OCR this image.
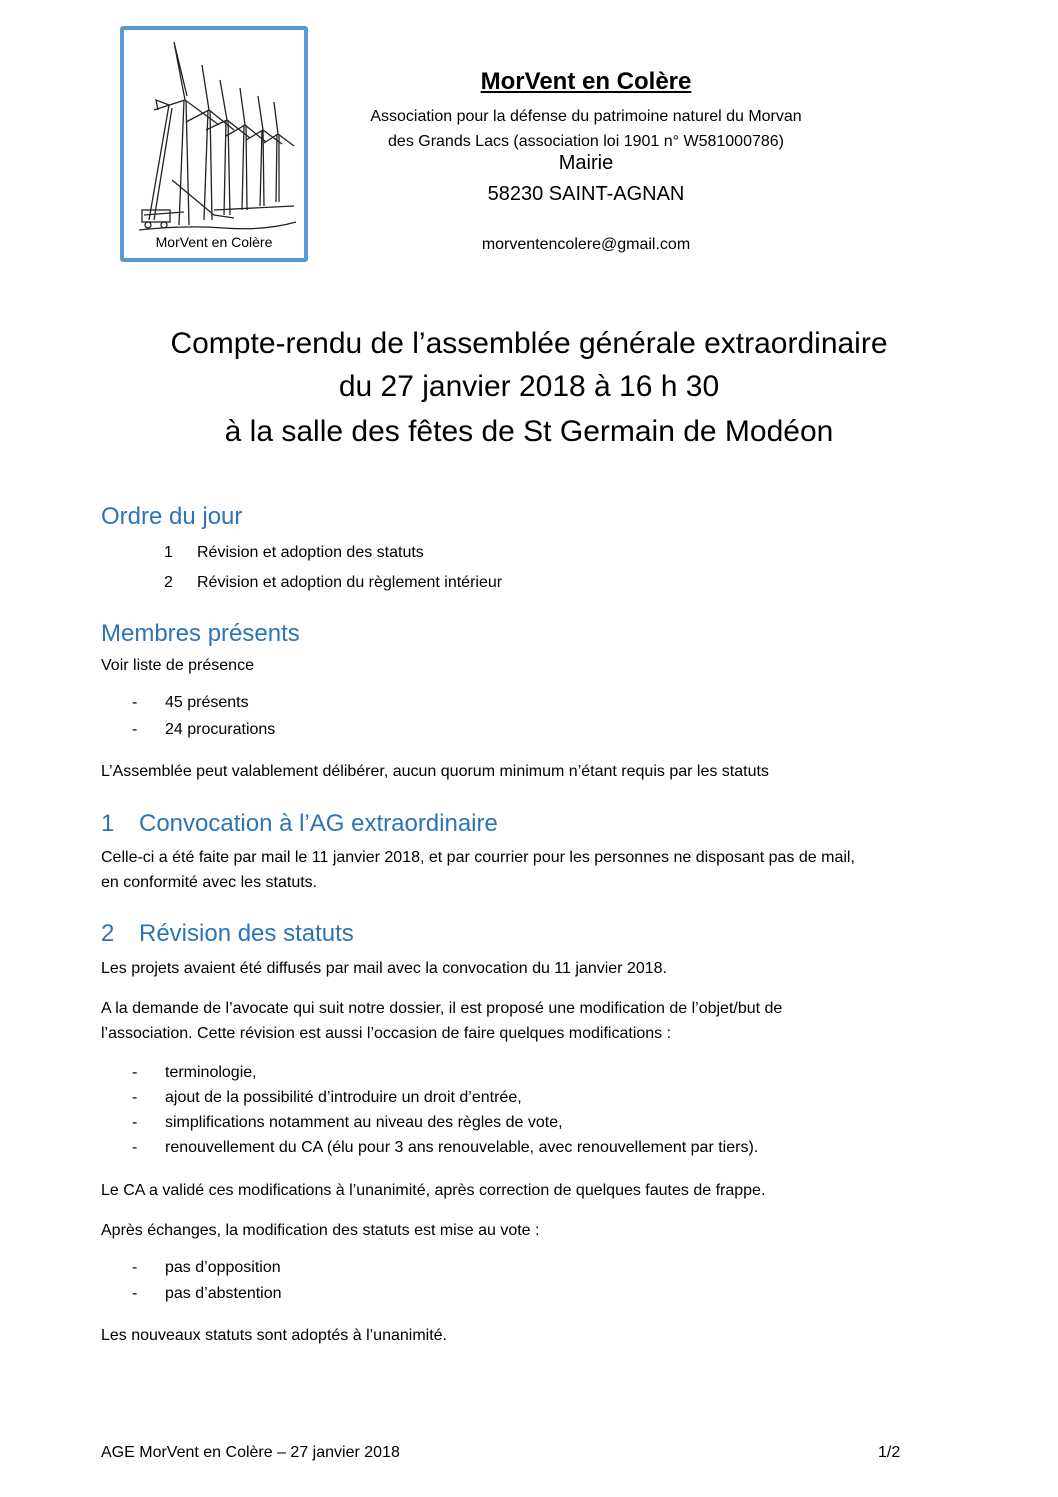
MorVent en Colère
MorVent en Colère
Association pour la défense du patrimoine naturel du Morvan
des Grands Lacs (association loi 1901 n° W581000786)
Mairie
58230 SAINT-AGNAN
morventencolere@gmail.com
Compte-rendu de l’assemblée générale extraordinaire
du 27 janvier 2018 à 16 h 30
à la salle des fêtes de St Germain de Modéon
Ordre du jour
1 Révision et adoption des statuts
2 Révision et adoption du règlement intérieur
Membres présents
Voir liste de présence
- 45 présents
- 24 procurations
L’Assemblée peut valablement délibérer, aucun quorum minimum n’étant requis par les statuts
1 Convocation à l’AG extraordinaire
Celle-ci a été faite par mail le 11 janvier 2018, et par courrier pour les personnes ne disposant pas de mail,
en conformité avec les statuts.
2 Révision des statuts
Les projets avaient été diffusés par mail avec la convocation du 11 janvier 2018.
A la demande de l’avocate qui suit notre dossier, il est proposé une modification de l’objet/but de
l’association. Cette révision est aussi l’occasion de faire quelques modifications :
- terminologie,
- ajout de la possibilité d’introduire un droit d’entrée,
- simplifications notamment au niveau des règles de vote,
- renouvellement du CA (élu pour 3 ans renouvelable, avec renouvellement par tiers).
Le CA a validé ces modifications à l’unanimité, après correction de quelques fautes de frappe.
Après échanges, la modification des statuts est mise au vote :
- pas d’opposition
- pas d’abstention
Les nouveaux statuts sont adoptés à l’unanimité.
AGE MorVent en Colère – 27 janvier 2018	1/2
